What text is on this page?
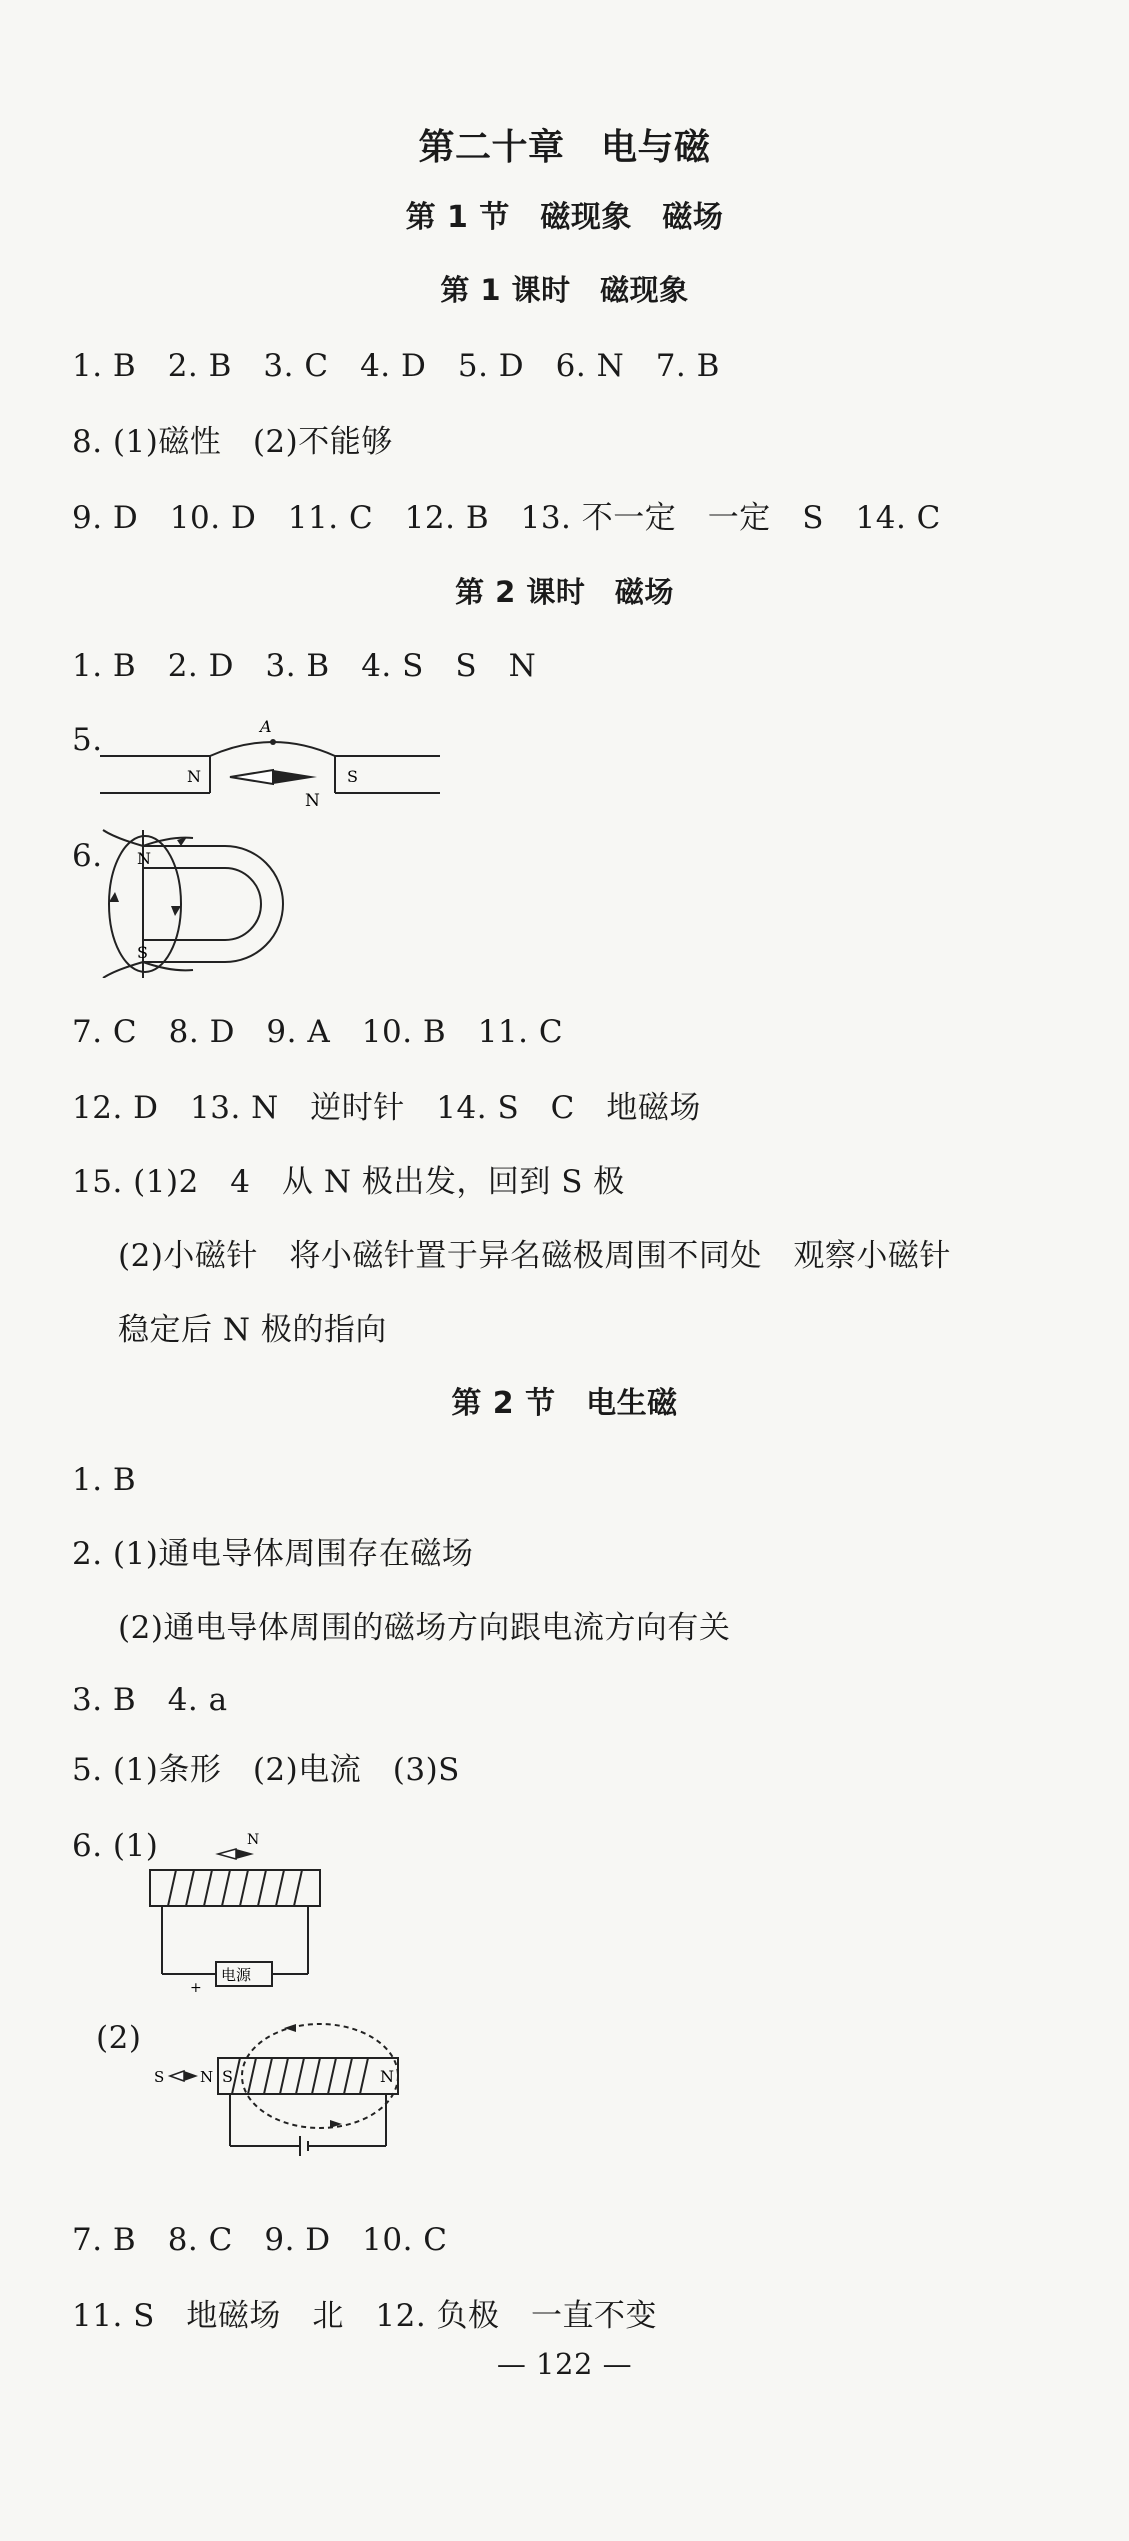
第二十章　电与磁
第 1 节　磁现象　磁场
第 1 课时　磁现象
1. B　2. B　3. C　4. D　5. D　6. N　7. B
8. (1)磁性　(2)不能够
9. D　10. D　11. C　12. B　13. 不一定　一定　S　14. C
第 2 课时　磁场
1. B　2. D　3. B　4. S　S　N
5.
N	S
A
N
6. N
S
7. C　8. D　9. A　10. B　11. C
12. D　13. N　逆时针　14. S　C　地磁场
15. (1)2　4　从 N 极出发，回到 S 极
(2)小磁针　将小磁针置于异名磁极周围不同处　观察小磁针
稳定后 N 极的指向
第 2 节　电生磁
1. B
2. (1)通电导体周围存在磁场
(2)通电导体周围的磁场方向跟电流方向有关
3. B　4. a
5. (1)条形　(2)电流　(3)S
6. (1)	N
电源
+
(2)
S N S	N
7. B　8. C　9. D　10. C
11. S　地磁场　北　12. 负极　一直不变
— 122 —
